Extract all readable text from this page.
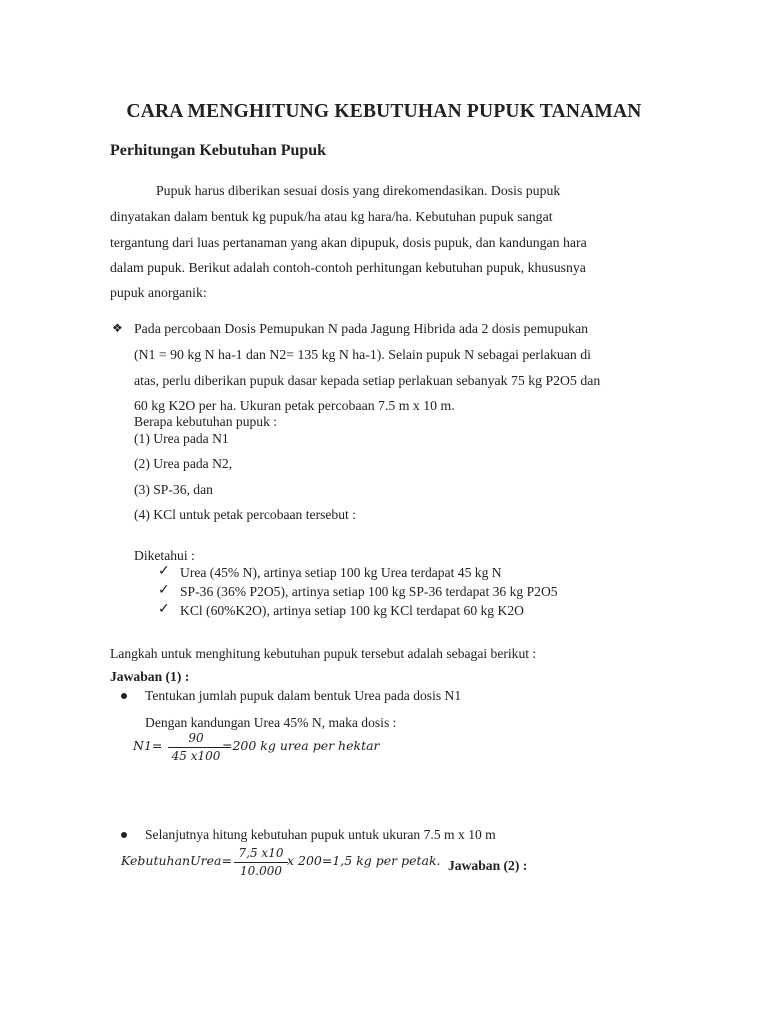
CARA MENGHITUNG KEBUTUHAN PUPUK TANAMAN
Perhitungan Kebutuhan Pupuk
Pupuk harus diberikan sesuai dosis yang direkomendasikan. Dosis pupuk
dinyatakan dalam bentuk kg pupuk/ha atau kg hara/ha. Kebutuhan pupuk sangat
tergantung dari luas pertanaman yang akan dipupuk, dosis pupuk, dan kandungan hara
dalam pupuk. Berikut adalah contoh-contoh perhitungan kebutuhan pupuk, khususnya
pupuk anorganik:
❖ Pada percobaan Dosis Pemupukan N pada Jagung Hibrida ada 2 dosis pemupukan
(N1 = 90 kg N ha-1 dan N2= 135 kg N ha-1). Selain pupuk N sebagai perlakuan di
atas, perlu diberikan pupuk dasar kepada setiap perlakuan sebanyak 75 kg P2O5 dan
60 kg K2O per ha. Ukuran petak percobaan 7.5 m x 10 m.
Berapa kebutuhan pupuk :
(1) Urea pada N1
(2) Urea pada N2,
(3) SP-36, dan
(4) KCl untuk petak percobaan tersebut :
Diketahui :
✓ Urea (45% N), artinya setiap 100 kg Urea terdapat 45 kg N
✓ SP-36 (36% P2O5), artinya setiap 100 kg SP-36 terdapat 36 kg P2O5
✓ KCl (60%K2O), artinya setiap 100 kg KCl terdapat 60 kg K2O
Langkah untuk menghitung kebutuhan pupuk tersebut adalah sebagai berikut :
Jawaban (1) :
Tentukan jumlah pupuk dalam bentuk Urea pada dosis N1
Dengan kandungan Urea 45% N, maka dosis :
N1=	90
45 x100
=200 kg urea per hektar
Selanjutnya hitung kebutuhan pupuk untuk ukuran 7.5 m x 10 m
KebutuhanUrea= 7,5 x10
10.000
x 200=1,5 kg per petak. Jawaban (2) :
